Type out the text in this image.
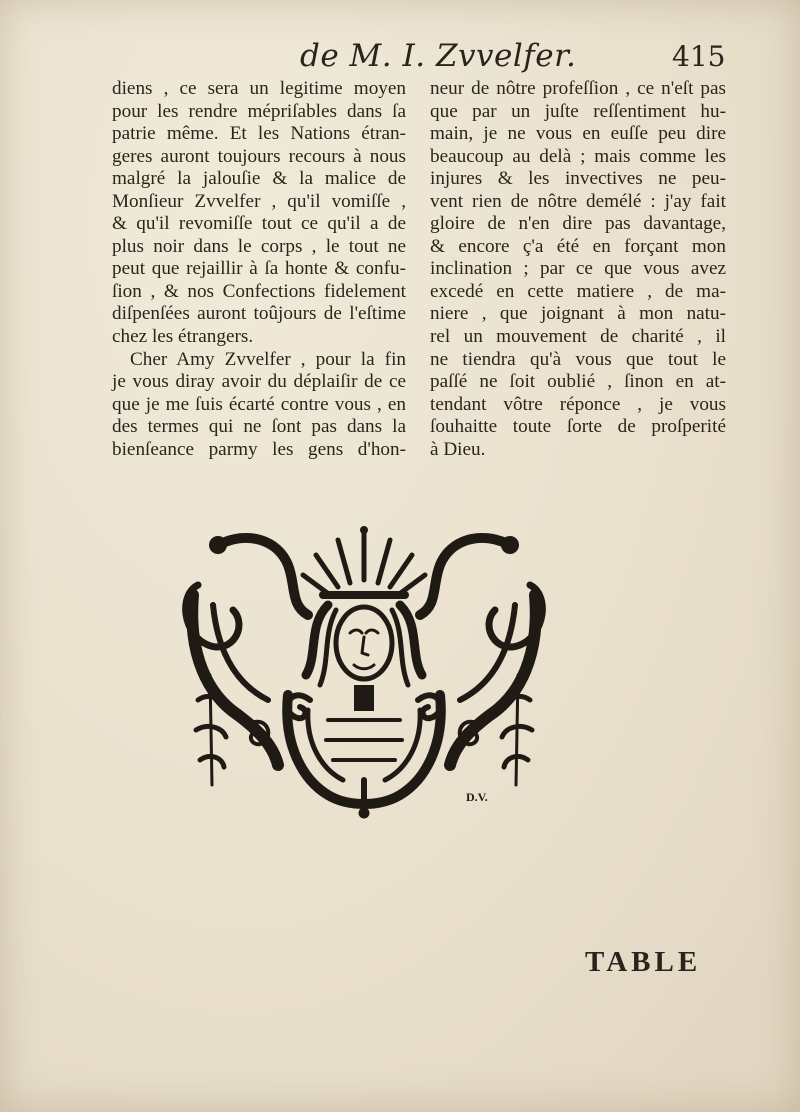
de M. I. Zvvelfer.	415
diens , ce sera un legitime moyen
pour les rendre mépriſables dans ſa
patrie même. Et les Nations étran-
geres auront toujours recours à nous
malgré la jalouſie & la malice de
Monſieur Zvvelfer , qu'il vomiſſe ,
& qu'il revomiſſe tout ce qu'il a de
plus noir dans le corps , le tout ne
peut que rejaillir à ſa honte & confu-
ſion , & nos Confections fidelement
diſpenſées auront toûjours de l'eſtime
chez les étrangers.
Cher Amy Zvvelfer , pour la fin
je vous diray avoir du déplaiſir de ce
que je me ſuis écarté contre vous , en
des termes qui ne ſont pas dans la
bienſeance parmy les gens d'hon-
neur de nôtre profeſſion , ce n'eſt pas
que par un juſte reſſentiment hu-
main, je ne vous en euſſe peu dire
beaucoup au delà ; mais comme les
injures & les invectives ne peu-
vent rien de nôtre demélé : j'ay fait
gloire de n'en dire pas davantage,
& encore ç'a été en forçant mon
inclination ; par ce que vous avez
excedé en cette matiere , de ma-
niere , que joignant à mon natu-
rel un mouvement de charité , il
ne tiendra qu'à vous que tout le
paſſé ne ſoit oublié , ſinon en at-
tendant vôtre réponce , je vous
ſouhaitte toute ſorte de proſperité
à Dieu.
D.V.
TABLE
